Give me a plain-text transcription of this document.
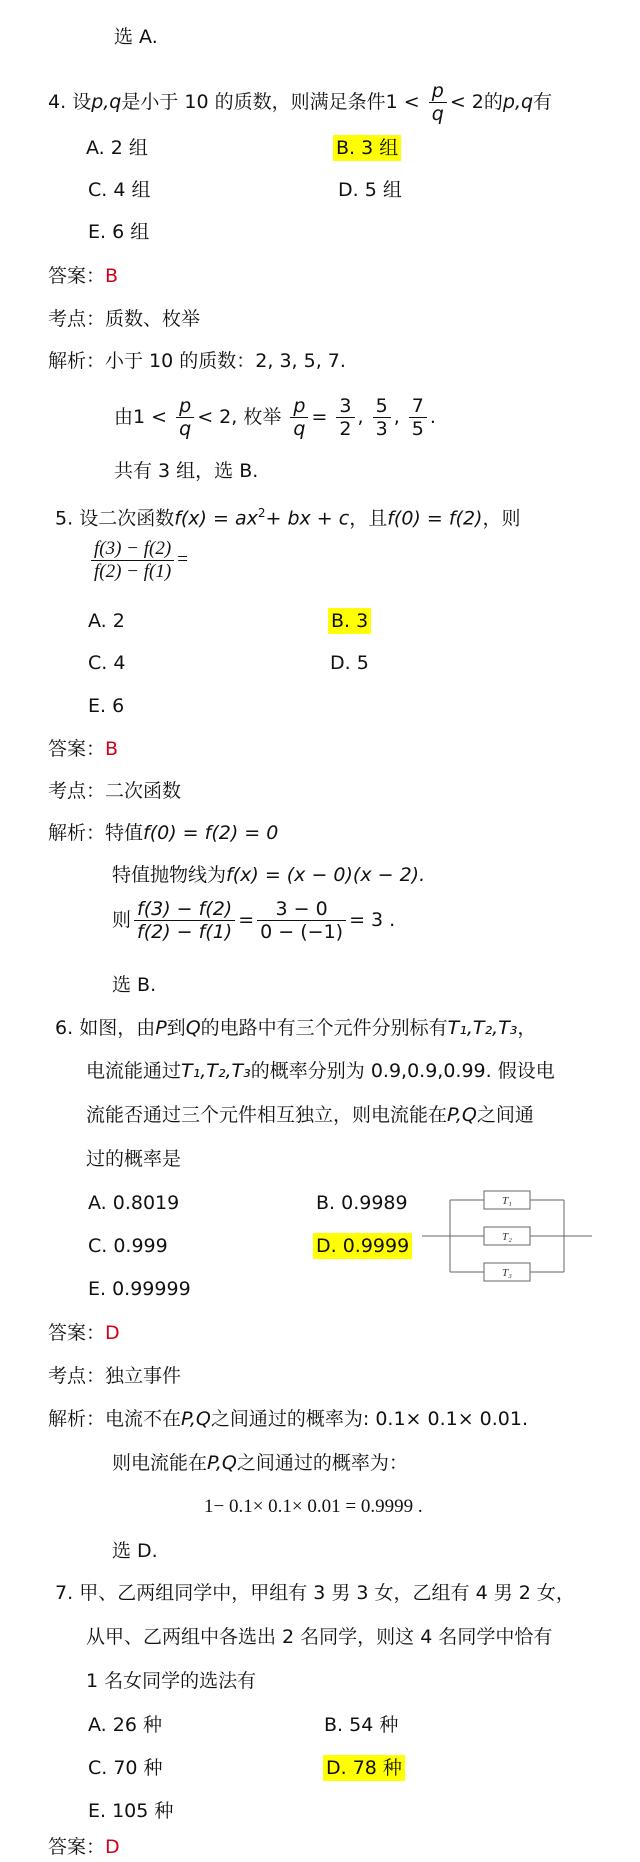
选 A.
4. 设p,q是小于 10 的质数，则满足条件$1 < \frac{p}{q} < 2$的p,q有
A. 2 组	B. 3 组
C. 4 组	D. 5 组
E. 6 组
答案：B
考点：质数、枚举
解析：小于 10 的质数：2, 3, 5, 7.
由$1 < \frac{p}{q} < 2$, 枚举 $\frac{p}{q} = \frac{3}{2}$ , $\frac{5}{3}$ , $\frac{7}{5}$ .
共有 3 组，选 B.
5. 设二次函数$f(x) = ax^2+$ bx + c，且f(0) = f(2)，则
$\frac{f(3) - f(2)}{f(2) - f(1)}$ =
A. 2	B. 3
C. 4	D. 5
E. 6
答案：B
考点：二次函数
解析：特值f(0) = f(2) = 0
特值抛物线为f(x) = (x − 0)(x − 2).
则 $\frac{f(3) - f(2)}{f(2) - f(1)} = \frac{3 - 0}{0 - (-1)} = 3$ .
选 B.
6. 如图，由P到Q的电路中有三个元件分别标有T₁,T₂,T₃，
电流能通过T₁,T₂,T₃的概率分别为 0.9,0.9,0.99. 假设电
流能否通过三个元件相互独立，则电流能在P,Q之间通
过的概率是
A. 0.8019	B. 0.9989
C. 0.999	D. 0.9999
E. 0.99999
T₁
T₂
T₃
答案：D
考点：独立事件
解析：电流不在P,Q之间通过的概率为: 0.1× 0.1× 0.01.
则电流能在P,Q之间通过的概率为：
1− 0.1× 0.1× 0.01 = 0.9999 .
选 D.
7. 甲、乙两组同学中，甲组有 3 男 3 女，乙组有 4 男 2 女，
从甲、乙两组中各选出 2 名同学，则这 4 名同学中恰有
1 名女同学的选法有
A. 26 种	B. 54 种
C. 70 种	D. 78 种
E. 105 种
答案：D
